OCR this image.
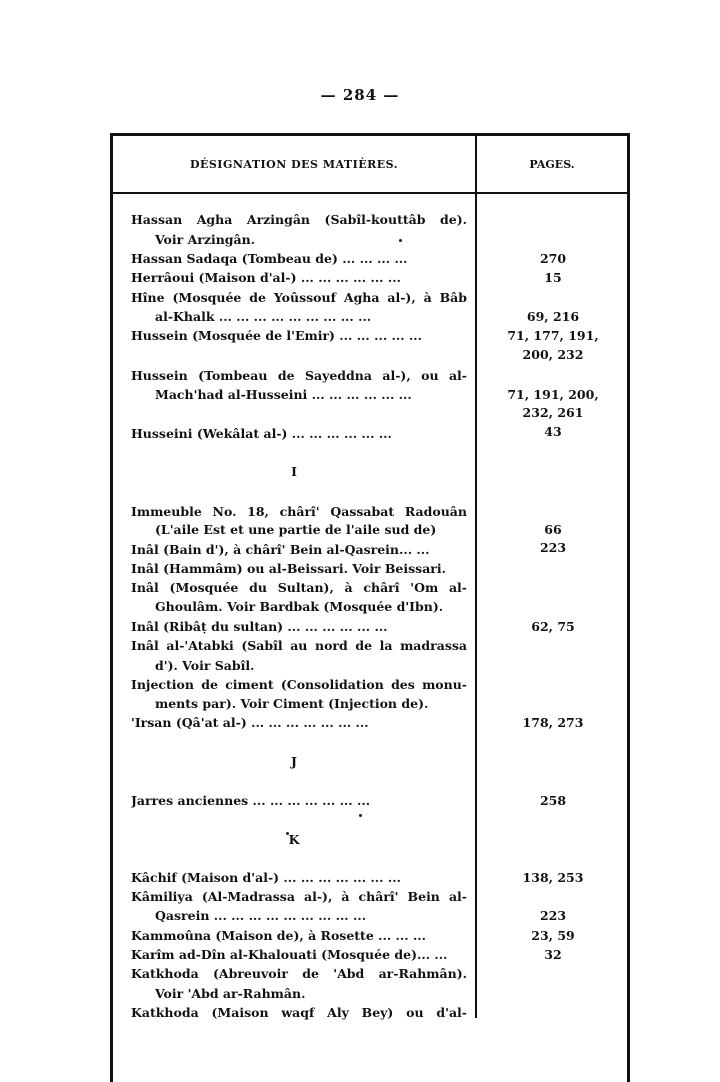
— 284 —
DÉSIGNATION DES MATIÈRES.	PAGES.
Hassan Agha Arzingân (Sabîl-kouttâb de).
Voir Arzingân.
Hassan Sadaqa (Tombeau de) ... ... ... ...
Herrâoui (Maison d'al-) ... ... ... ... ... ...
Hîne (Mosquée de Yoûssouf Agha al-), à Bâb
al-Khalk ... ... ... ... ... ... ... ... ...
Hussein (Mosquée de l'Emir) ... ... ... ... ...
Hussein (Tombeau de Sayeddna al-), ou al-
Mach'had al-Husseini ... ... ... ... ... ...
Husseini (Wekâlat al-) ... ... ... ... ... ...
I
Immeuble No. 18, chârî' Qassabat Radouân
(L'aile Est et une partie de l'aile sud de)
Inâl (Bain d'), à chârî' Bein al-Qasrein... ...
Inâl (Hammâm) ou al-Beissari. Voir Beissari.
Inâl (Mosquée du Sultan), à chârî 'Om al-
Ghoulâm. Voir Bardbak (Mosquée d'Ibn).
Inâl (Ribâṭ du sultan) ... ... ... ... ... ...
Inâl al-'Atabki (Sabîl au nord de la madrassa
d'). Voir Sabîl.
Injection de ciment (Consolidation des monu-
ments par). Voir Ciment (Injection de).
'Irsan (Qâ'at al-) ... ... ... ... ... ... ...
J
Jarres anciennes ... ... ... ... ... ... ...
K
Kâchif (Maison d'al-) ... ... ... ... ... ... ...
Kâmiliya (Al-Madrassa al-), à chârî' Bein al-
Qasrein ... ... ... ... ... ... ... ... ...
Kammoûna (Maison de), à Rosette ... ... ...
Karîm ad-Dîn al-Khalouati (Mosquée de)... ...
Katkhoda (Abreuvoir de 'Abd ar-Rahmân).
Voir 'Abd ar-Rahmân.
Katkhoda (Maison waqf Aly Bey) ou d'al-
270
15
69, 216
71, 177, 191,
200, 232
71, 191, 200,
232, 261
43
66
223
62, 75
178, 273
258
138, 253
223
23, 59
32
